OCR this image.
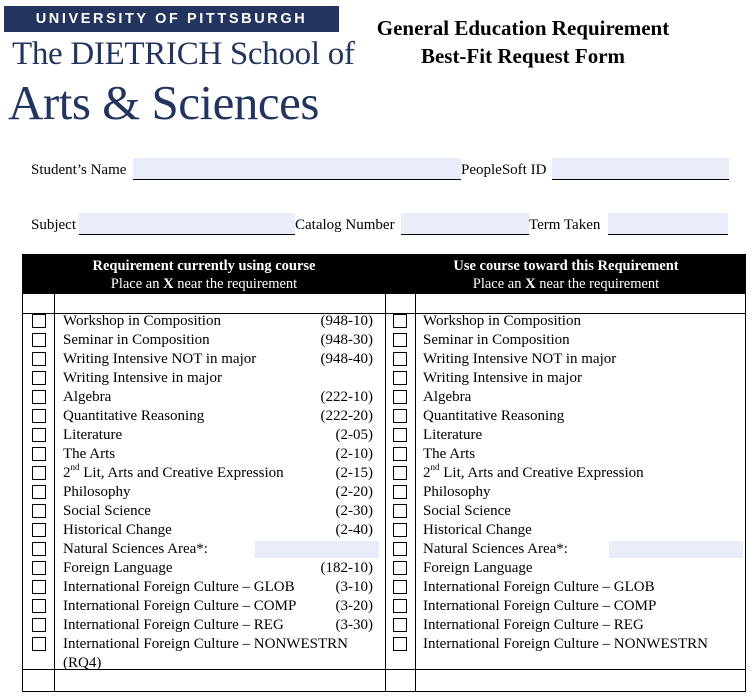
UNIVERSITY OF PITTSBURGH
The DIETRICH School of
Arts & Sciences
General Education Requirement
Best-Fit Request Form
Student’s Name	PeopleSoft ID
Subject	Catalog Number	Term Taken
Requirement currently using course
Place an X near the requirement
Use course toward this Requirement
Place an X near the requirement
Workshop in Composition	(948-10)	Workshop in Composition
Seminar in Composition	(948-30)	Seminar in Composition
Writing Intensive NOT in major	(948-40)	Writing Intensive NOT in major
Writing Intensive in major	Writing Intensive in major
Algebra	(222-10)	Algebra
Quantitative Reasoning	(222-20)	Quantitative Reasoning
Literature	(2-05)	Literature
The Arts	(2-10)	The Arts
2nd Lit, Arts and Creative Expression	(2-15)	2nd Lit, Arts and Creative Expression
Philosophy	(2-20)	Philosophy
Social Science	(2-30)	Social Science
Historical Change	(2-40)	Historical Change
Natural Sciences Area*:	Natural Sciences Area*:
Foreign Language	(182-10)	Foreign Language
International Foreign Culture – GLOB	(3-10)	International Foreign Culture – GLOB
International Foreign Culture – COMP	(3-20)	International Foreign Culture – COMP
International Foreign Culture – REG	(3-30)	International Foreign Culture – REG
International Foreign Culture – NONWESTRN	International Foreign Culture – NONWESTRN
(RQ4)
